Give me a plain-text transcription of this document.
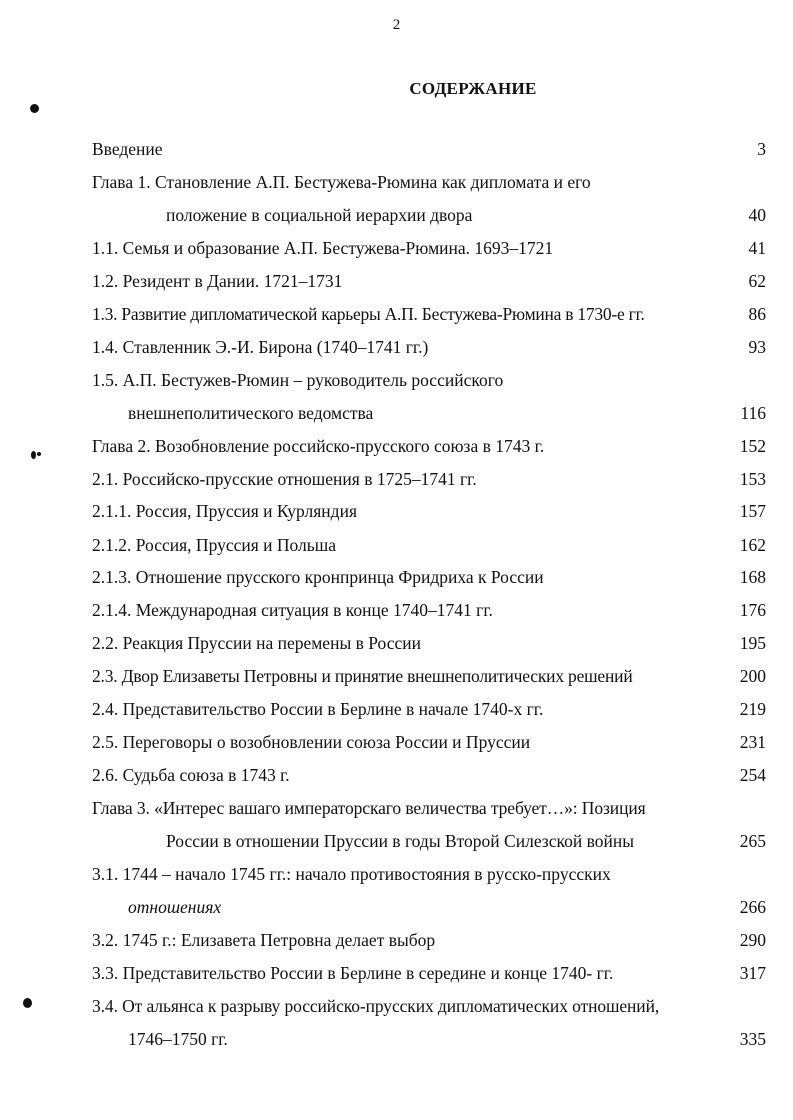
2
СОДЕРЖАНИЕ
Введение	3
Глава 1. Становление А.П. Бестужева-Рюмина как дипломата и его
положение в социальной иерархии двора	40
1.1. Семья и образование А.П. Бестужева-Рюмина. 1693–1721	41
1.2. Резидент в Дании. 1721–1731	62
1.3. Развитие дипломатической карьеры А.П. Бестужева-Рюмина в 1730-е гг.	86
1.4. Ставленник Э.-И. Бирона (1740–1741 гг.)	93
1.5. А.П. Бестужев-Рюмин – руководитель российского
внешнеполитического ведомства	116
Глава 2. Возобновление российско-прусского союза в 1743 г.	152
2.1. Российско-прусские отношения в 1725–1741 гг.	153
2.1.1. Россия, Пруссия и Курляндия	157
2.1.2. Россия, Пруссия и Польша	162
2.1.3. Отношение прусского кронпринца Фридриха к России	168
2.1.4. Международная ситуация в конце 1740–1741 гг.	176
2.2. Реакция Пруссии на перемены в России	195
2.3. Двор Елизаветы Петровны и принятие внешнеполитических решений	200
2.4. Представительство России в Берлине в начале 1740-х гг.	219
2.5. Переговоры о возобновлении союза России и Пруссии	231
2.6. Судьба союза в 1743 г.	254
Глава 3. «Интерес вашаго императорскаго величества требует…»: Позиция
России в отношении Пруссии в годы Второй Силезской войны	265
3.1. 1744 – начало 1745 гг.: начало противостояния в русско-прусских
отношениях	266
3.2. 1745 г.: Елизавета Петровна делает выбор	290
3.3. Представительство России в Берлине в середине и конце 1740- гг.	317
3.4. От альянса к разрыву российско-прусских дипломатических отношений,
1746–1750 гг.	335
